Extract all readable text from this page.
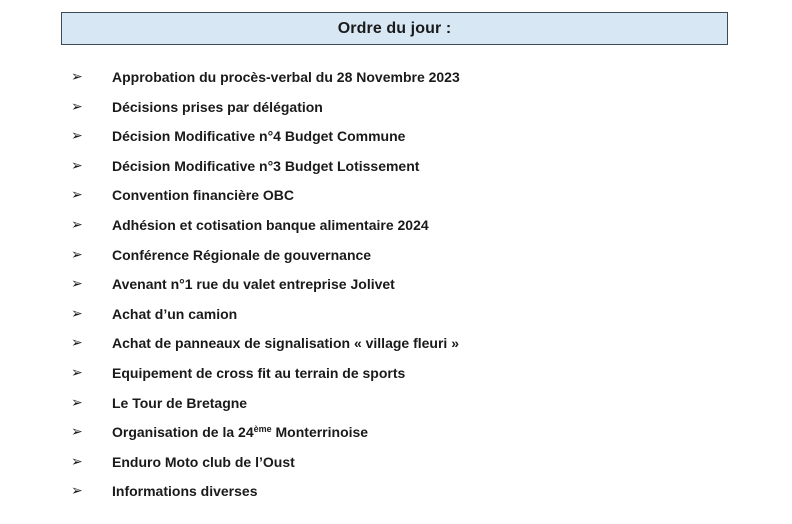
Ordre du jour :
➢ Approbation du procès-verbal du 28 Novembre 2023
➢ Décisions prises par délégation
➢ Décision Modificative n°4 Budget Commune
➢ Décision Modificative n°3 Budget Lotissement
➢ Convention financière OBC
➢ Adhésion et cotisation banque alimentaire 2024
➢ Conférence Régionale de gouvernance
➢ Avenant n°1 rue du valet entreprise Jolivet
➢ Achat d’un camion
➢ Achat de panneaux de signalisation « village fleuri »
➢ Equipement de cross fit au terrain de sports
➢ Le Tour de Bretagne
➢ Organisation de la 24ème Monterrinoise
➢ Enduro Moto club de l’Oust
➢ Informations diverses
